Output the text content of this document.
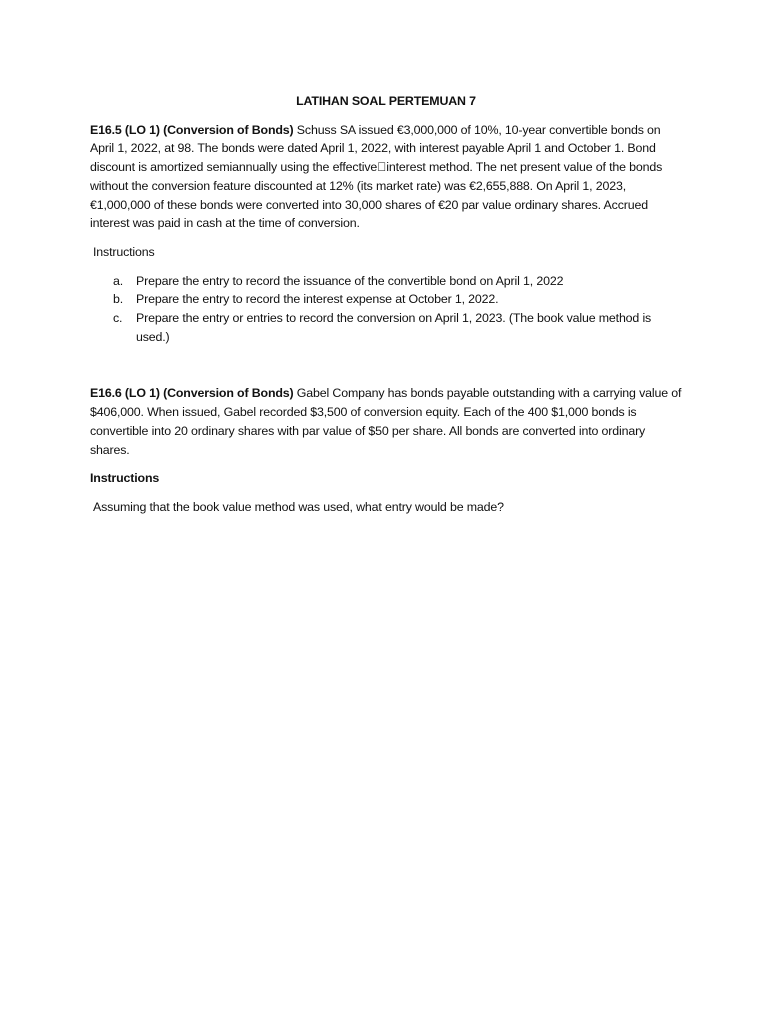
LATIHAN SOAL PERTEMUAN 7

E16.5 (LO 1) (Conversion of Bonds) Schuss SA issued €3,000,000 of 10%, 10-year convertible bonds on April 1, 2022, at 98. The bonds were dated April 1, 2022, with interest payable April 1 and October 1. Bond discount is amortized semiannually using the effective interest method. The net present value of the bonds without the conversion feature discounted at 12% (its market rate) was €2,655,888. On April 1, 2023, €1,000,000 of these bonds were converted into 30,000 shares of €20 par value ordinary shares. Accrued interest was paid in cash at the time of conversion.

Instructions

a. Prepare the entry to record the issuance of the convertible bond on April 1, 2022
b. Prepare the entry to record the interest expense at October 1, 2022.
c. Prepare the entry or entries to record the conversion on April 1, 2023. (The book value method is used.)

E16.6 (LO 1) (Conversion of Bonds) Gabel Company has bonds payable outstanding with a carrying value of $406,000. When issued, Gabel recorded $3,500 of conversion equity. Each of the 400 $1,000 bonds is convertible into 20 ordinary shares with par value of $50 per share. All bonds are converted into ordinary shares.

Instructions

Assuming that the book value method was used, what entry would be made?
